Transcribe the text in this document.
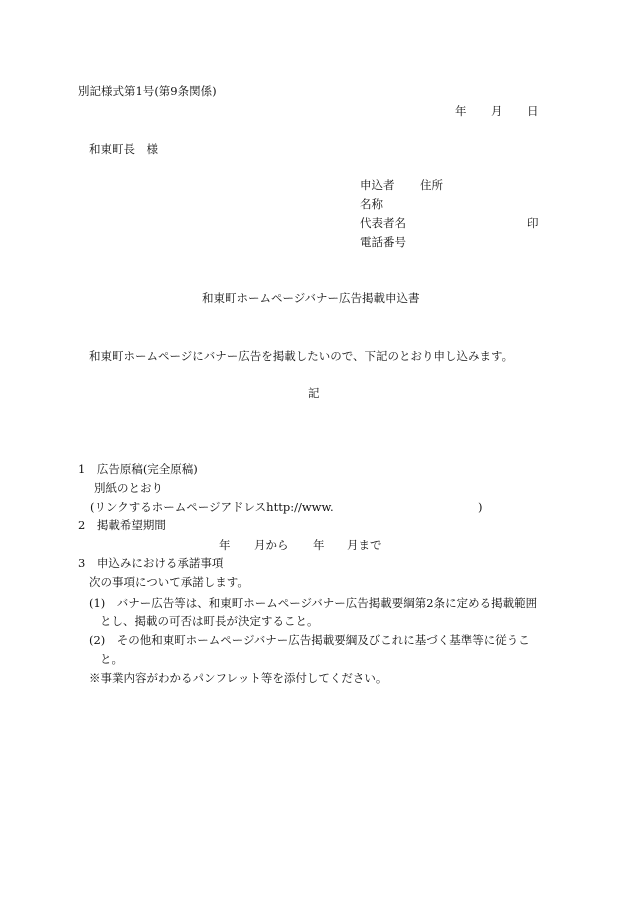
別記様式第1号(第9条関係)
年 月 日
和東町長　様
申込者 住所
名称
代表者名	印
電話番号
和東町ホームページバナー広告掲載申込書
和東町ホームページにバナー広告を掲載したいので、下記のとおり申し込みます。
記
1　広告原稿(完全原稿)
別紙のとおり
(リンクするホームページアドレスhttp://www.	)
2　掲載希望期間
年 月から 年 月まで
3　申込みにおける承諾事項
次の事項について承諾します。
(1)　バナー広告等は、和東町ホームページバナー広告掲載要綱第2条に定める掲載範囲
とし、掲載の可否は町長が決定すること。
(2)　その他和東町ホームページバナー広告掲載要綱及びこれに基づく基準等に従うこ
と。
※事業内容がわかるパンフレット等を添付してください。
